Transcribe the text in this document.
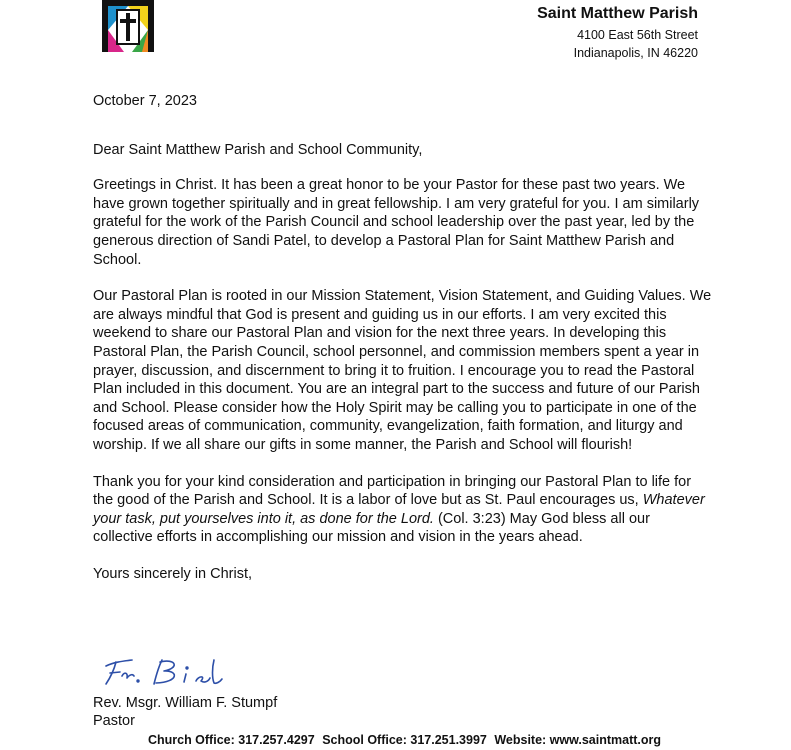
Saint Matthew Parish
4100 East 56th Street
Indianapolis, IN 46220

October 7, 2023

Dear Saint Matthew Parish and School Community,

Greetings in Christ. It has been a great honor to be your Pastor for these past two years. We have grown together spiritually and in great fellowship. I am very grateful for you. I am similarly grateful for the work of the Parish Council and school leadership over the past year, led by the generous direction of Sandi Patel, to develop a Pastoral Plan for Saint Matthew Parish and School.

Our Pastoral Plan is rooted in our Mission Statement, Vision Statement, and Guiding Values. We are always mindful that God is present and guiding us in our efforts. I am very excited this weekend to share our Pastoral Plan and vision for the next three years. In developing this Pastoral Plan, the Parish Council, school personnel, and commission members spent a year in prayer, discussion, and discernment to bring it to fruition. I encourage you to read the Pastoral Plan included in this document. You are an integral part to the success and future of our Parish and School. Please consider how the Holy Spirit may be calling you to participate in one of the focused areas of communication, community, evangelization, faith formation, and liturgy and worship. If we all share our gifts in some manner, the Parish and School will flourish!

Thank you for your kind consideration and participation in bringing our Pastoral Plan to life for the good of the Parish and School. It is a labor of love but as St. Paul encourages us, Whatever your task, put yourselves into it, as done for the Lord. (Col. 3:23) May God bless all our collective efforts in accomplishing our mission and vision in the years ahead.

Yours sincerely in Christ,

Rev. Msgr. William F. Stumpf
Pastor
Church Office: 317.257.4297 School Office: 317.251.3997 Website: www.saintmatt.org
